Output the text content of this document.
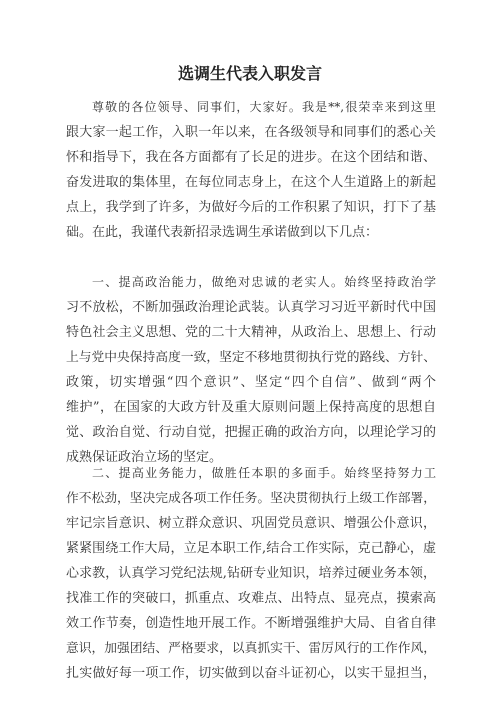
选调生代表入职发言
尊敬的各位领导、同事们，大家好。我是**,很荣幸来到这里
跟大家一起工作，入职一年以来，在各级领导和同事们的悉心关
怀和指导下，我在各方面都有了长足的进步。在这个团结和谐、
奋发进取的集体里，在每位同志身上，在这个人生道路上的新起
点上，我学到了许多，为做好今后的工作积累了知识，打下了基
础。在此，我谨代表新招录选调生承诺做到以下几点：
一、提高政治能力，做绝对忠诚的老实人。始终坚持政治学
习不放松，不断加强政治理论武装。认真学习习近平新时代中国
特色社会主义思想、党的二十大精神，从政治上、思想上、行动
上与党中央保持高度一致，坚定不移地贯彻执行党的路线、方针、
政策，切实增强“四个意识”、坚定“四个自信”、做到“两个
维护”，在国家的大政方针及重大原则问题上保持高度的思想自
觉、政治自觉、行动自觉，把握正确的政治方向，以理论学习的
成熟保证政治立场的坚定。
二、提高业务能力，做胜任本职的多面手。始终坚持努力工
作不松劲，坚决完成各项工作任务。坚决贯彻执行上级工作部署，
牢记宗旨意识、树立群众意识、巩固党员意识、增强公仆意识，
紧紧围绕工作大局，立足本职工作,结合工作实际，克己静心，虚
心求教，认真学习党纪法规,钻研专业知识，培养过硬业务本领，
找准工作的突破口，抓重点、攻难点、出特点、显亮点，摸索高
效工作节奏，创造性地开展工作。不断增强维护大局、自省自律
意识，加强团结、严格要求，以真抓实干、雷厉风行的工作作风，
扎实做好每一项工作，切实做到以奋斗证初心，以实干显担当，
